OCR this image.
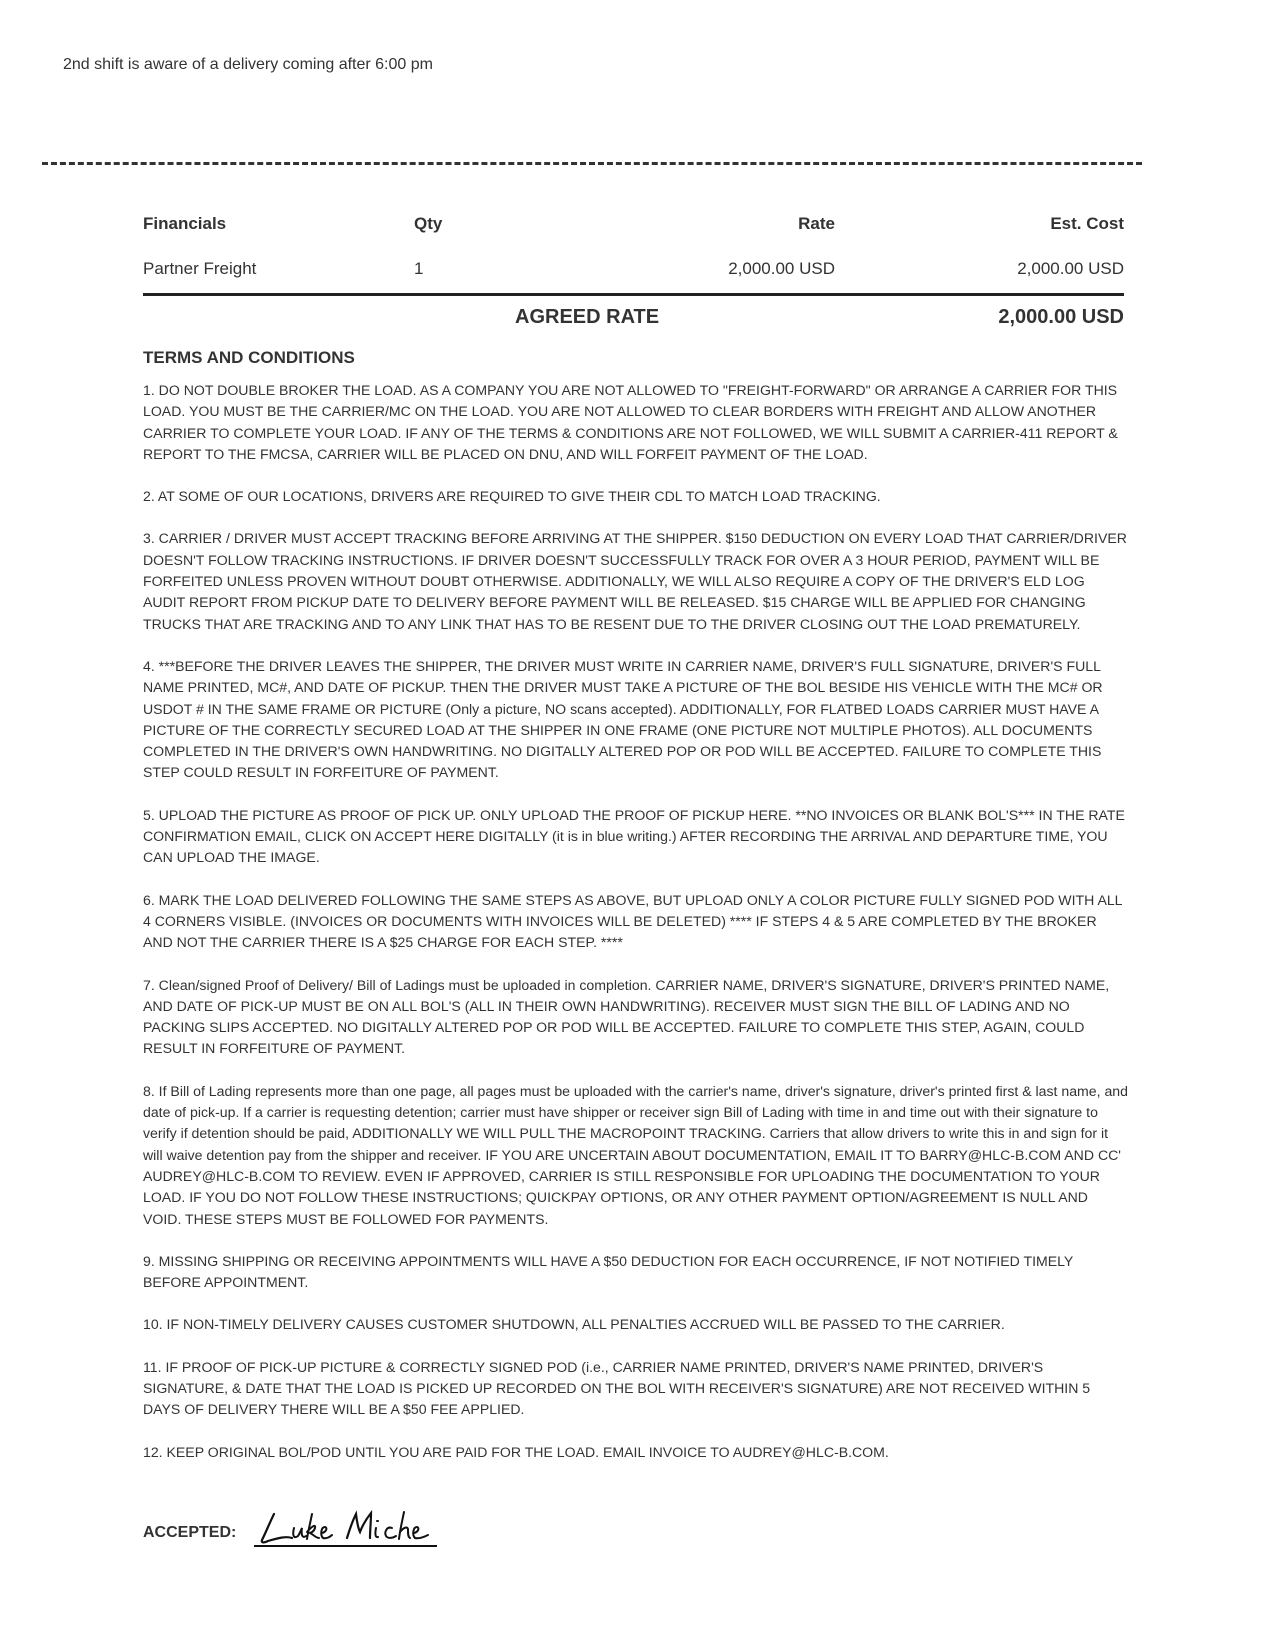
2nd shift is aware of a delivery coming after 6:00 pm
Financials	Qty	Rate	Est. Cost
Partner Freight	1	2,000.00 USD	2,000.00 USD
AGREED RATE	2,000.00 USD
TERMS AND CONDITIONS

1. DO NOT DOUBLE BROKER THE LOAD. AS A COMPANY YOU ARE NOT ALLOWED TO "FREIGHT-FORWARD" OR ARRANGE A CARRIER FOR THIS LOAD. YOU MUST BE THE CARRIER/MC ON THE LOAD. YOU ARE NOT ALLOWED TO CLEAR BORDERS WITH FREIGHT AND ALLOW ANOTHER CARRIER TO COMPLETE YOUR LOAD. IF ANY OF THE TERMS & CONDITIONS ARE NOT FOLLOWED, WE WILL SUBMIT A CARRIER-411 REPORT & REPORT TO THE FMCSA, CARRIER WILL BE PLACED ON DNU, AND WILL FORFEIT PAYMENT OF THE LOAD.

2. AT SOME OF OUR LOCATIONS, DRIVERS ARE REQUIRED TO GIVE THEIR CDL TO MATCH LOAD TRACKING.

3. CARRIER / DRIVER MUST ACCEPT TRACKING BEFORE ARRIVING AT THE SHIPPER. $150 DEDUCTION ON EVERY LOAD THAT CARRIER/DRIVER DOESN'T FOLLOW TRACKING INSTRUCTIONS. IF DRIVER DOESN'T SUCCESSFULLY TRACK FOR OVER A 3 HOUR PERIOD, PAYMENT WILL BE FORFEITED UNLESS PROVEN WITHOUT DOUBT OTHERWISE. ADDITIONALLY, WE WILL ALSO REQUIRE A COPY OF THE DRIVER'S ELD LOG AUDIT REPORT FROM PICKUP DATE TO DELIVERY BEFORE PAYMENT WILL BE RELEASED. $15 CHARGE WILL BE APPLIED FOR CHANGING TRUCKS THAT ARE TRACKING AND TO ANY LINK THAT HAS TO BE RESENT DUE TO THE DRIVER CLOSING OUT THE LOAD PREMATURELY.

4. ***BEFORE THE DRIVER LEAVES THE SHIPPER, THE DRIVER MUST WRITE IN CARRIER NAME, DRIVER'S FULL SIGNATURE, DRIVER'S FULL NAME PRINTED, MC#, AND DATE OF PICKUP. THEN THE DRIVER MUST TAKE A PICTURE OF THE BOL BESIDE HIS VEHICLE WITH THE MC# OR USDOT # IN THE SAME FRAME OR PICTURE (Only a picture, NO scans accepted). ADDITIONALLY, FOR FLATBED LOADS CARRIER MUST HAVE A PICTURE OF THE CORRECTLY SECURED LOAD AT THE SHIPPER IN ONE FRAME (ONE PICTURE NOT MULTIPLE PHOTOS). ALL DOCUMENTS COMPLETED IN THE DRIVER'S OWN HANDWRITING. NO DIGITALLY ALTERED POP OR POD WILL BE ACCEPTED. FAILURE TO COMPLETE THIS STEP COULD RESULT IN FORFEITURE OF PAYMENT.

5. UPLOAD THE PICTURE AS PROOF OF PICK UP. ONLY UPLOAD THE PROOF OF PICKUP HERE. **NO INVOICES OR BLANK BOL'S*** IN THE RATE CONFIRMATION EMAIL, CLICK ON ACCEPT HERE DIGITALLY (it is in blue writing.) AFTER RECORDING THE ARRIVAL AND DEPARTURE TIME, YOU CAN UPLOAD THE IMAGE.

6. MARK THE LOAD DELIVERED FOLLOWING THE SAME STEPS AS ABOVE, BUT UPLOAD ONLY A COLOR PICTURE FULLY SIGNED POD WITH ALL 4 CORNERS VISIBLE. (INVOICES OR DOCUMENTS WITH INVOICES WILL BE DELETED) **** IF STEPS 4 & 5 ARE COMPLETED BY THE BROKER AND NOT THE CARRIER THERE IS A $25 CHARGE FOR EACH STEP. ****

7. Clean/signed Proof of Delivery/ Bill of Ladings must be uploaded in completion. CARRIER NAME, DRIVER'S SIGNATURE, DRIVER'S PRINTED NAME, AND DATE OF PICK-UP MUST BE ON ALL BOL'S (ALL IN THEIR OWN HANDWRITING). RECEIVER MUST SIGN THE BILL OF LADING AND NO PACKING SLIPS ACCEPTED. NO DIGITALLY ALTERED POP OR POD WILL BE ACCEPTED. FAILURE TO COMPLETE THIS STEP, AGAIN, COULD RESULT IN FORFEITURE OF PAYMENT.

8. If Bill of Lading represents more than one page, all pages must be uploaded with the carrier's name, driver's signature, driver's printed first & last name, and date of pick-up. If a carrier is requesting detention; carrier must have shipper or receiver sign Bill of Lading with time in and time out with their signature to verify if detention should be paid, ADDITIONALLY WE WILL PULL THE MACROPOINT TRACKING. Carriers that allow drivers to write this in and sign for it will waive detention pay from the shipper and receiver. IF YOU ARE UNCERTAIN ABOUT DOCUMENTATION, EMAIL IT TO BARRY@HLC-B.COM AND CC' AUDREY@HLC-B.COM TO REVIEW. EVEN IF APPROVED, CARRIER IS STILL RESPONSIBLE FOR UPLOADING THE DOCUMENTATION TO YOUR LOAD. IF YOU DO NOT FOLLOW THESE INSTRUCTIONS; QUICKPAY OPTIONS, OR ANY OTHER PAYMENT OPTION/AGREEMENT IS NULL AND VOID. THESE STEPS MUST BE FOLLOWED FOR PAYMENTS.

9. MISSING SHIPPING OR RECEIVING APPOINTMENTS WILL HAVE A $50 DEDUCTION FOR EACH OCCURRENCE, IF NOT NOTIFIED TIMELY BEFORE APPOINTMENT.

10. IF NON-TIMELY DELIVERY CAUSES CUSTOMER SHUTDOWN, ALL PENALTIES ACCRUED WILL BE PASSED TO THE CARRIER.

11. IF PROOF OF PICK-UP PICTURE & CORRECTLY SIGNED POD (i.e., CARRIER NAME PRINTED, DRIVER'S NAME PRINTED, DRIVER'S SIGNATURE, & DATE THAT THE LOAD IS PICKED UP RECORDED ON THE BOL WITH RECEIVER'S SIGNATURE) ARE NOT RECEIVED WITHIN 5 DAYS OF DELIVERY THERE WILL BE A $50 FEE APPLIED.

12. KEEP ORIGINAL BOL/POD UNTIL YOU ARE PAID FOR THE LOAD. EMAIL INVOICE TO AUDREY@HLC-B.COM.

ACCEPTED:
